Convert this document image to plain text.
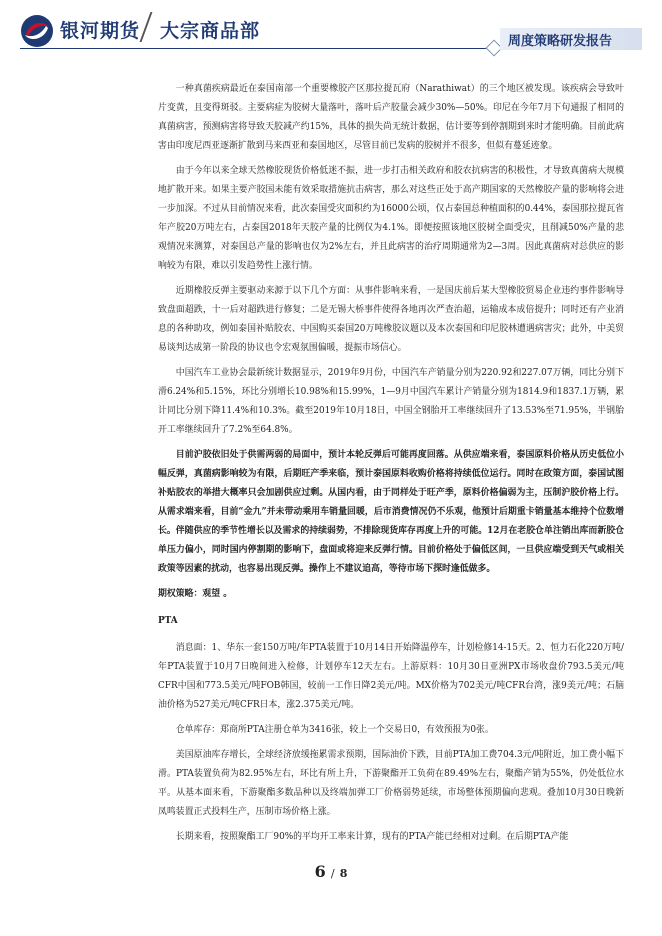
银河期货 大宗商品部	周度策略研发报告

一种真菌疾病最近在泰国南部一个重要橡胶产区那拉提瓦府（Narathiwat）的三个地区被发现。该疾病会导致叶片变黄，且变得斑驳。主要病症为胶树大量落叶，落叶后产胶量会减少30%—50%。印尼在今年7月下旬通报了相同的真菌病害，预测病害将导致天胶减产约15%，具体的损失尚无统计数据，估计要等到停割期到来时才能明确。目前此病害由印度尼西亚逐渐扩散到马来西亚和泰国地区，尽管目前已发病的胶树并不很多，但似有蔓延迹象。

由于今年以来全球天然橡胶现货价格低迷不振，进一步打击相关政府和胶农抗病害的积极性，才导致真菌病大规模地扩散开来。如果主要产胶国未能有效采取措施抗击病害，那么对这些正处于高产期国家的天然橡胶产量的影响将会进一步加深。不过从目前情况来看，此次泰国受灾面积约为16000公顷，仅占泰国总种植面积的0.44%，泰国那拉提瓦省年产胶20万吨左右，占泰国2018年天胶产量的比例仅为4.1%。即便按照该地区胶树全面受灾，且削减50%产量的悲观情况来测算，对泰国总产量的影响也仅为2%左右，并且此病害的治疗周期通常为2—3周。因此真菌病对总供应的影响较为有限，难以引发趋势性上涨行情。

近期橡胶反弹主要驱动来源于以下几个方面：从事件影响来看，一是国庆前后某大型橡胶贸易企业违约事件影响导致盘面超跌，十一后对超跌进行修复；二是无锡大桥事件使得各地再次严查治超，运输成本成倍提升；同时还有产业消息的各种助攻，例如泰国补贴胶农、中国购买泰国20万吨橡胶议题以及本次泰国和印尼胶林遭遇病害灾；此外，中美贸易谈判达成第一阶段的协议也令宏观氛围偏暖，提振市场信心。

中国汽车工业协会最新统计数据显示，2019年9月份，中国汽车产销量分别为220.92和227.07万辆，同比分别下滑6.24%和5.15%，环比分别增长10.98%和15.99%，1—9月中国汽车累计产销量分别为1814.9和1837.1万辆，累计同比分别下降11.4%和10.3%。截至2019年10月18日，中国全钢胎开工率继续回升了13.53%至71.95%，半钢胎开工率继续回升了7.2%至64.8%。

目前沪胶依旧处于供需两弱的局面中，预计本轮反弹后可能再度回落。从供应端来看，泰国原料价格从历史低位小幅反弹，真菌病影响较为有限，后期旺产季来临，预计泰国原料收购价格将持续低位运行。同时在政策方面，泰国试图补贴胶农的举措大概率只会加剧供应过剩。从国内看，由于同样处于旺产季，原料价格偏弱为主，压制沪胶价格上行。从需求端来看，目前“金九”并未带动乘用车销量回暖，后市消费情况仍不乐观，他预计后期重卡销量基本维持个位数增长。伴随供应的季节性增长以及需求的持续弱势，不排除现货库存再度上升的可能。12月在老胶仓单注销出库而新胶仓单压力偏小，同时国内停割期的影响下，盘面或将迎来反弹行情。目前价格处于偏低区间，一旦供应端受到天气或相关政策等因素的扰动，也容易出现反弹。操作上不建议追高，等待市场下探时逢低做多。

期权策略：观望 。

PTA

消息面：1、华东一套150万吨/年PTA装置于10月14日开始降温停车，计划检修14-15天。2、恒力石化220万吨/年PTA装置于10月7日晚间进入检修，计划停车12天左右。上游原料：10月30日亚洲PX市场收盘价793.5美元/吨CFR中国和773.5美元/吨FOB韩国，较前一工作日降2美元/吨。MX价格为702美元/吨CFR台湾，涨9美元/吨；石脑油价格为527美元/吨CFR日本，涨2.375美元/吨。

仓单库存：郑商所PTA注册仓单为3416张，较上一个交易日0，有效预报为0张。

美国原油库存增长，全球经济放缓拖累需求预期，国际油价下跌，目前PTA加工费704.3元/吨附近，加工费小幅下滑。PTA装置负荷为82.95%左右，环比有所上升，下游聚酯开工负荷在89.49%左右，聚酯产销为55%，仍处低位水平。从基本面来看，下游聚酯多数品种以及终端加弹工厂价格弱势延续，市场整体预期偏向悲观。叠加10月30日晚新凤鸣装置正式投料生产，压制市场价格上涨。

长期来看，按照聚酯工厂90%的平均开工率来计算，现有的PTA产能已经相对过剩。在后期PTA产能

6 / 8
